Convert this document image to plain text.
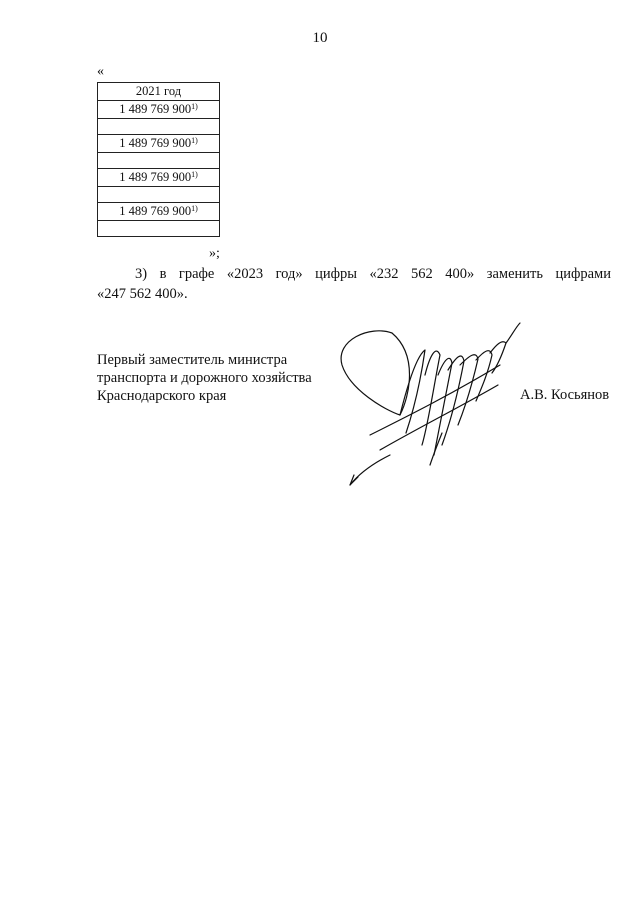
10
«
2021 год
1 489 769 900$^{1)}$

1 489 769 900$^{1)}$

1 489 769 900$^{1)}$

1 489 769 900$^{1)}$

»;
3) в графе «2023 год» цифры «232 562 400» заменить цифрами
«247 562 400».
Первый заместитель министра
транспорта и дорожного хозяйства
Краснодарского края	А.В. Косьянов
